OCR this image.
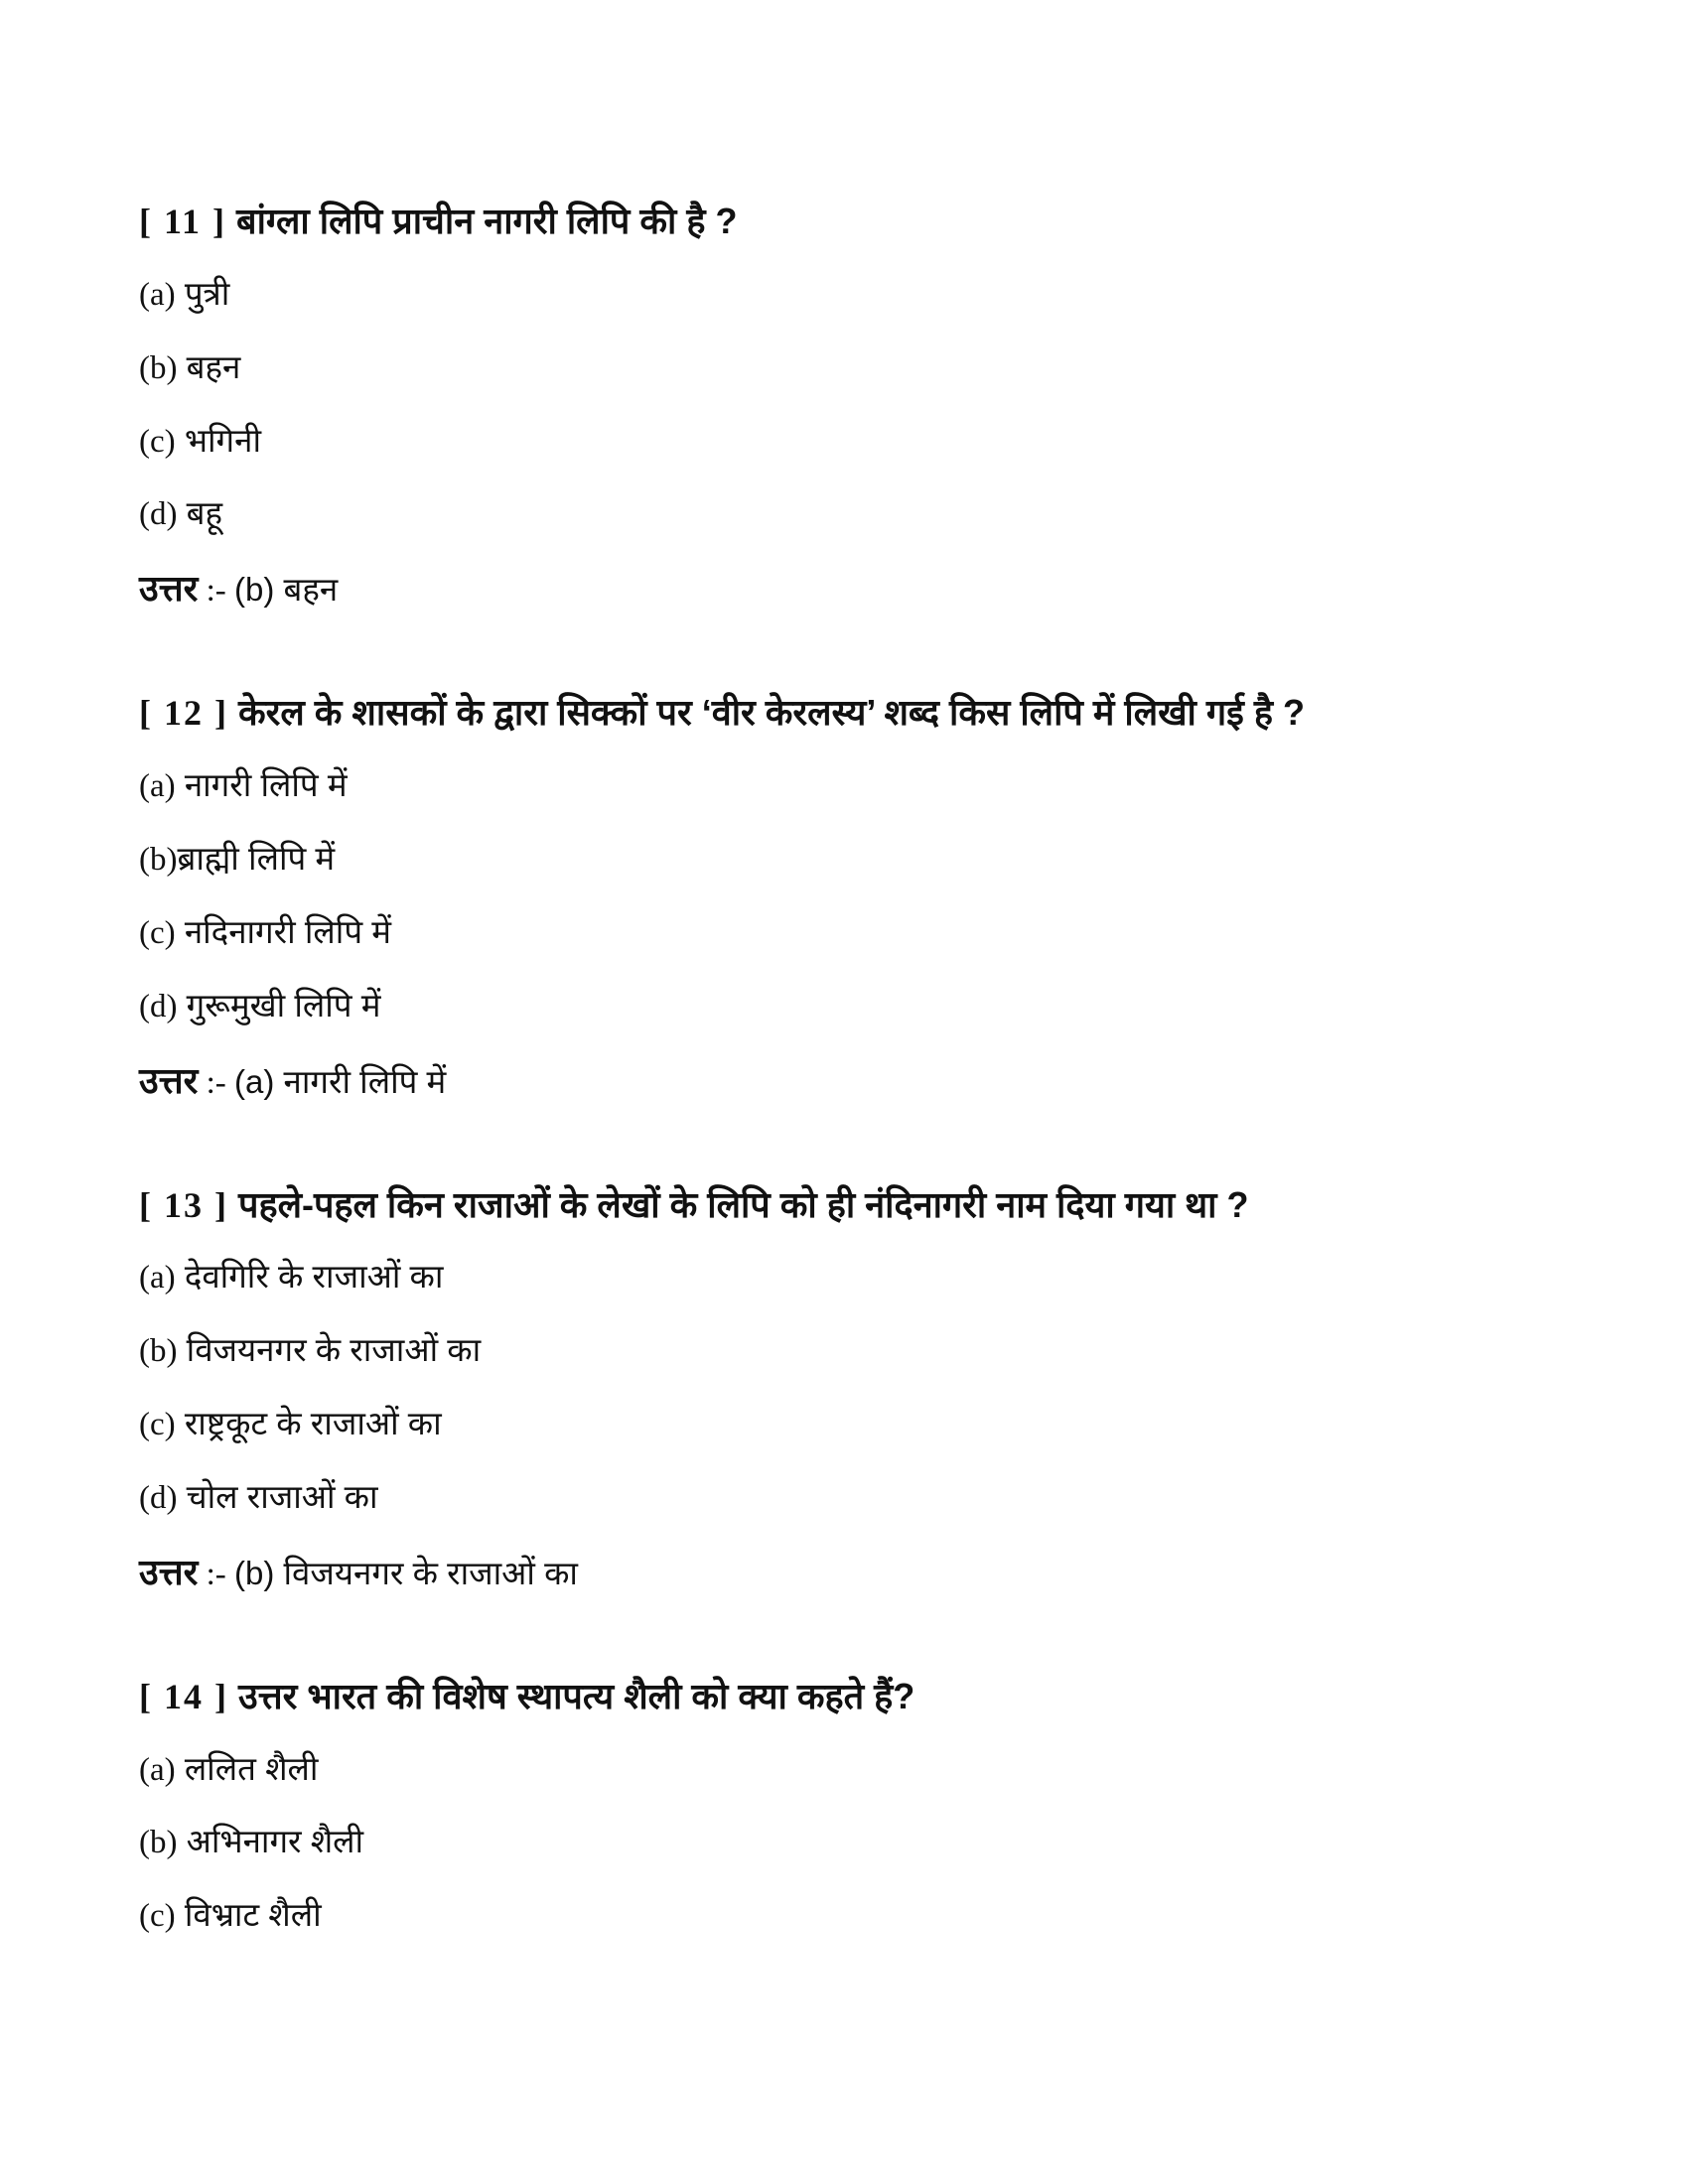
[ 11 ] बांग्ला लिपि प्राचीन नागरी लिपि की है ?
(a) पुत्री
(b) बहन
(c) भगिनी
(d) बहू
उत्तर :- (b) बहन
[ 12 ] केरल के शासकों के द्वारा सिक्कों पर ‘वीर केरलस्य’ शब्द किस लिपि में लिखी गई है ?
(a) नागरी लिपि में
(b)ब्राह्मी लिपि में
(c) नदिनागरी लिपि में
(d) गुरूमुखी लिपि में
उत्तर :- (a) नागरी लिपि में
[ 13 ] पहले-पहल किन राजाओं के लेखों के लिपि को ही नंदिनागरी नाम दिया गया था ?
(a) देवगिरि के राजाओं का
(b) विजयनगर के राजाओं का
(c) राष्ट्रकूट के राजाओं का
(d) चोल राजाओं का
उत्तर :- (b) विजयनगर के राजाओं का
[ 14 ] उत्तर भारत की विशेष स्थापत्य शैली को क्या कहते हैं?
(a) ललित शैली
(b) अभिनागर शैली
(c) विभ्राट शैली
